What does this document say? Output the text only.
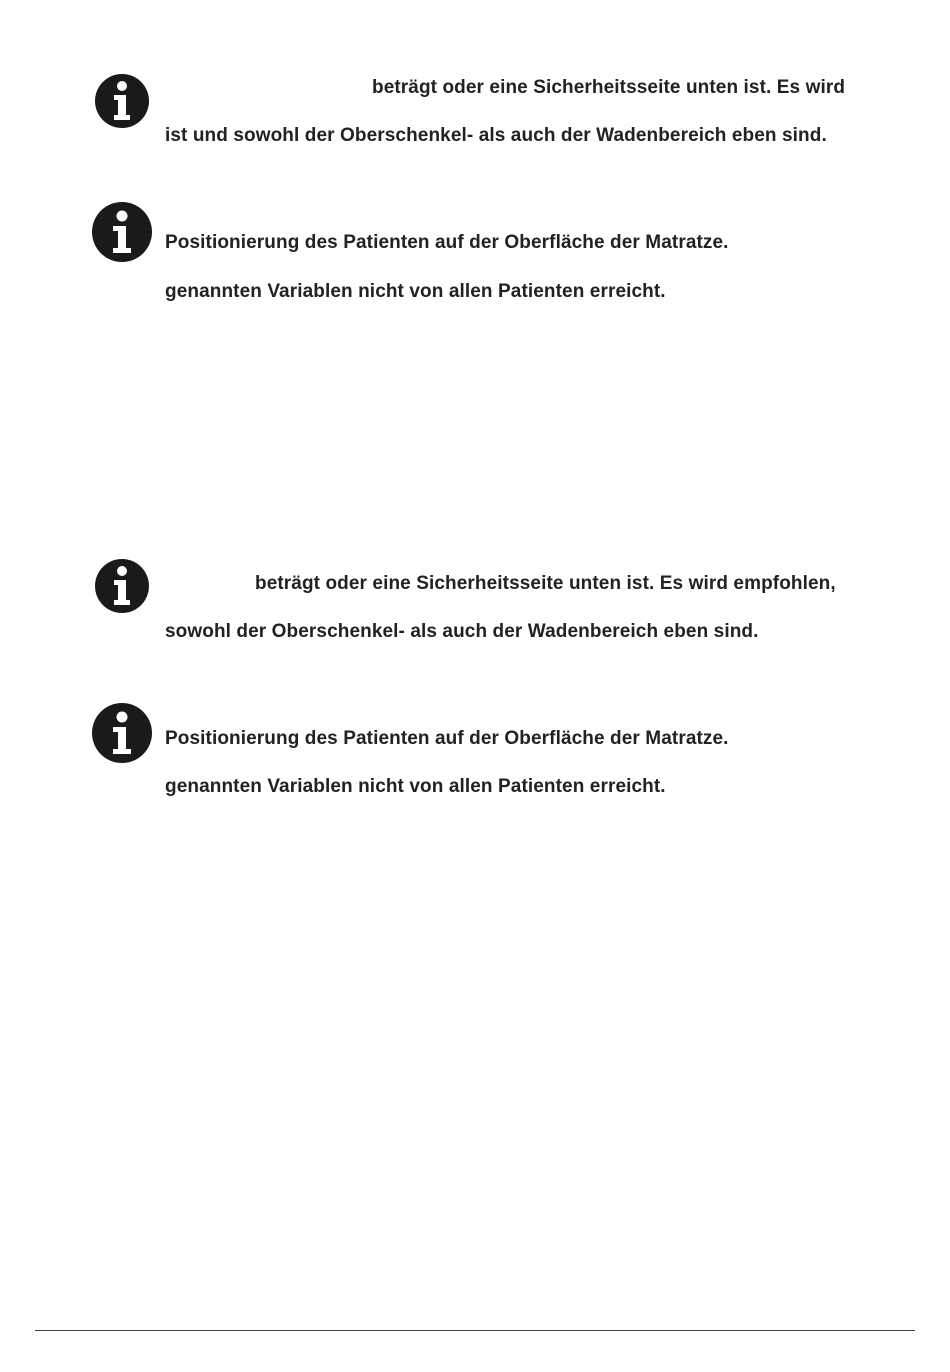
beträgt oder eine Sicherheitsseite unten ist. Es wird
ist und sowohl der Oberschenkel- als auch der Wadenbereich eben sind.
Positionierung des Patienten auf der Oberfläche der Matratze.
genannten Variablen nicht von allen Patienten erreicht.
beträgt oder eine Sicherheitsseite unten ist. Es wird empfohlen,
sowohl der Oberschenkel- als auch der Wadenbereich eben sind.
Positionierung des Patienten auf der Oberfläche der Matratze.
genannten Variablen nicht von allen Patienten erreicht.
